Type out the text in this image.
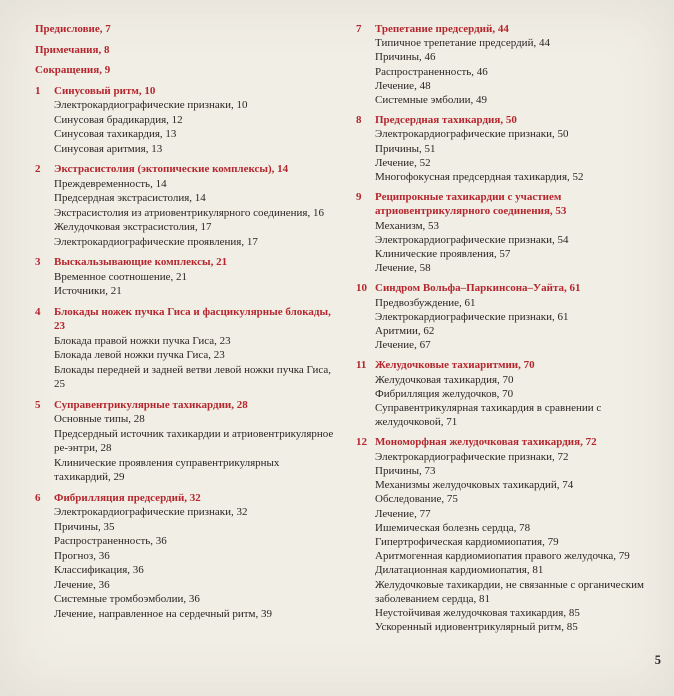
Предисловие, 7
Примечания, 8
Сокращения, 9
1	Синусовый ритм, 10
Электрокардиографические признаки, 10
Синусовая брадикардия, 12
Синусовая тахикардия, 13
Синусовая аритмия, 13
2	Экстрасистолия (эктопические комплексы), 14
Преждевременность, 14
Предсердная экстрасистолия, 14
Экстрасистолия из атриовентрикулярного соединения, 16
Желудочковая экстрасистолия, 17
Электрокардиографические проявления, 17
3	Выскальзывающие комплексы, 21
Временное соотношение, 21
Источники, 21
4	Блокады ножек пучка Гиса и фасцикулярные блокады, 23
Блокада правой ножки пучка Гиса, 23
Блокада левой ножки пучка Гиса, 23
Блокады передней и задней ветви левой ножки пучка Гиса, 25
5	Суправентрикулярные тахикардии, 28
Основные типы, 28
Предсердный источник тахикардии и атриовентрикулярное ре-энтри, 28
Клинические проявления суправентрикулярных тахикардий, 29
6	Фибрилляция предсердий, 32
Электрокардиографические признаки, 32
Причины, 35
Распространенность, 36
Прогноз, 36
Классификация, 36
Лечение, 36
Системные тромбоэмболии, 36
Лечение, направленное на сердечный ритм, 39
7	Трепетание предсердий, 44
Типичное трепетание предсердий, 44
Причины, 46
Распространенность, 46
Лечение, 48
Системные эмболии, 49
8	Предсердная тахикардия, 50
Электрокардиографические признаки, 50
Причины, 51
Лечение, 52
Многофокусная предсердная тахикардия, 52
9	Реципрокные тахикардии с участием атриовентрикулярного соединения, 53
Механизм, 53
Электрокардиографические признаки, 54
Клинические проявления, 57
Лечение, 58
10 Синдром Вольфа–Паркинсона–Уайта, 61
Предвозбуждение, 61
Электрокардиографические признаки, 61
Аритмии, 62
Лечение, 67
11 Желудочковые тахиаритмии, 70
Желудочковая тахикардия, 70
Фибрилляция желудочков, 70
Суправентрикулярная тахикардия в сравнении с желудочковой, 71
12 Мономорфная желудочковая тахикардия, 72
Электрокардиографические признаки, 72
Причины, 73
Механизмы желудочковых тахикардий, 74
Обследование, 75
Лечение, 77
Ишемическая болезнь сердца, 78
Гипертрофическая кардиомиопатия, 79
Аритмогенная кардиомиопатия правого желудочка, 79
Дилатационная кардиомиопатия, 81
Желудочковые тахикардии, не связанные с органическим заболеванием сердца, 81
Неустойчивая желудочковая тахикардия, 85
Ускоренный идиовентрикулярный ритм, 85
5
